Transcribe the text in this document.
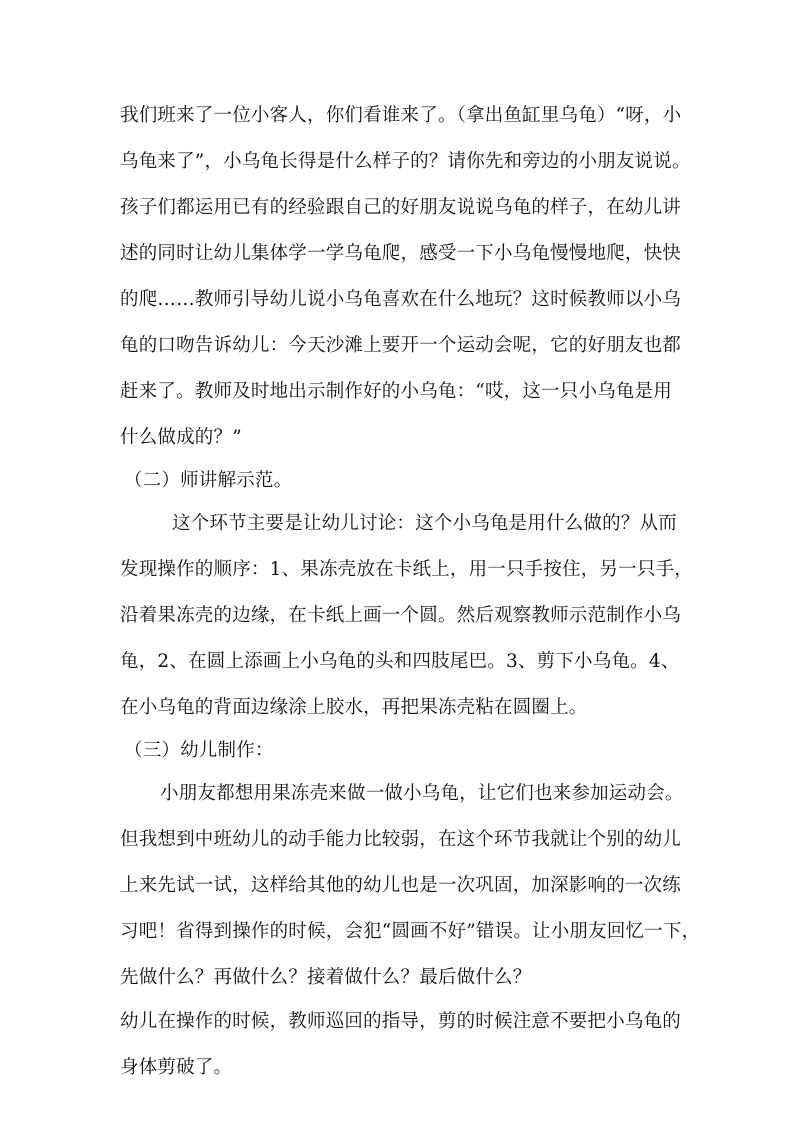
我们班来了一位小客人，你们看谁来了。（拿出鱼缸里乌龟）“呀，小
乌龟来了”，小乌龟长得是什么样子的？请你先和旁边的小朋友说说。
孩子们都运用已有的经验跟自己的好朋友说说乌龟的样子，在幼儿讲
述的同时让幼儿集体学一学乌龟爬，感受一下小乌龟慢慢地爬，快快
的爬……教师引导幼儿说小乌龟喜欢在什么地玩？这时候教师以小乌
龟的口吻告诉幼儿：今天沙滩上要开一个运动会呢，它的好朋友也都
赶来了。教师及时地出示制作好的小乌龟：“哎，这一只小乌龟是用
什么做成的？”
（二）师讲解示范。
这个环节主要是让幼儿讨论：这个小乌龟是用什么做的？从而
发现操作的顺序：1、果冻壳放在卡纸上，用一只手按住，另一只手，
沿着果冻壳的边缘，在卡纸上画一个圆。然后观察教师示范制作小乌
龟，2、在圆上添画上小乌龟的头和四肢尾巴。3、剪下小乌龟。4、
在小乌龟的背面边缘涂上胶水，再把果冻壳粘在圆圈上。
（三）幼儿制作：
小朋友都想用果冻壳来做一做小乌龟，让它们也来参加运动会。
但我想到中班幼儿的动手能力比较弱，在这个环节我就让个别的幼儿
上来先试一试，这样给其他的幼儿也是一次巩固，加深影响的一次练
习吧！省得到操作的时候，会犯“圆画不好”错误。让小朋友回忆一下，
先做什么？再做什么？接着做什么？最后做什么？
幼儿在操作的时候，教师巡回的指导，剪的时候注意不要把小乌龟的
身体剪破了。
